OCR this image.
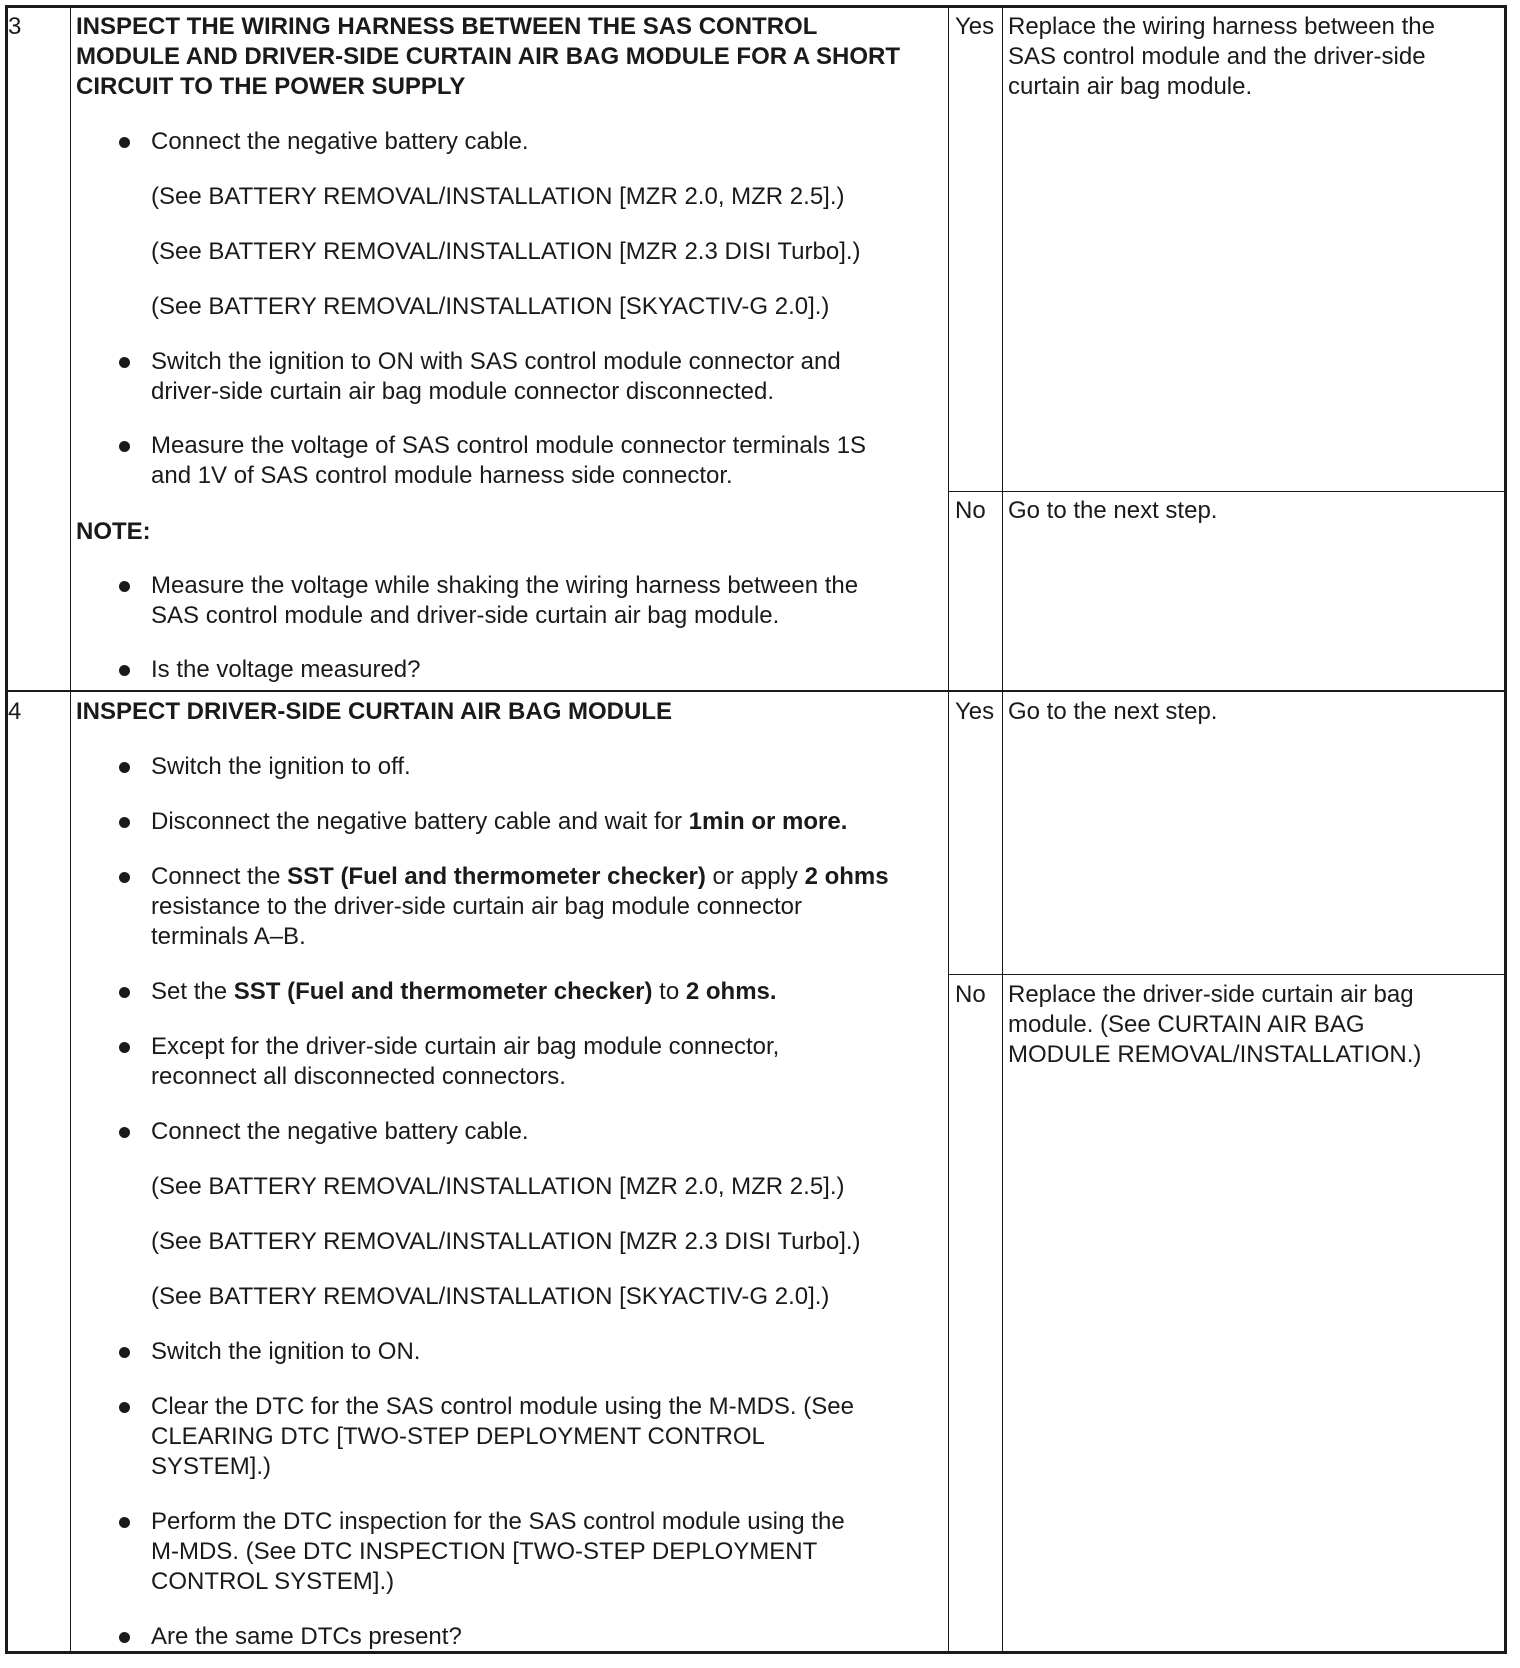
3 INSPECT THE WIRING HARNESS BETWEEN THE SAS CONTROL

MODULE AND DRIVER-SIDE CURTAIN AIR BAG MODULE FOR A SHORT

CIRCUIT TO THE POWER SUPPLY

Connect the negative battery cable.

(See BATTERY REMOVAL/INSTALLATION [MZR 2.0, MZR 2.5].)

(See BATTERY REMOVAL/INSTALLATION [MZR 2.3 DISI Turbo].)

(See BATTERY REMOVAL/INSTALLATION [SKYACTIV-G 2.0].)

Switch the ignition to ON with SAS control module connector and

driver-side curtain air bag module connector disconnected.

Measure the voltage of SAS control module connector terminals 1S

and 1V of SAS control module harness side connector.

NOTE:

Measure the voltage while shaking the wiring harness between the

SAS control module and driver-side curtain air bag module.

Is the voltage measured?

Yes Replace the wiring harness between the

SAS control module and the driver-side

curtain air bag module.

No Go to the next step.

4 INSPECT DRIVER-SIDE CURTAIN AIR BAG MODULE

Switch the ignition to off.

Disconnect the negative battery cable and wait for 1min or more.

Connect the SST (Fuel and thermometer checker) or apply 2 ohms

resistance to the driver-side curtain air bag module connector

terminals A–B.

Set the SST (Fuel and thermometer checker) to 2 ohms.

Except for the driver-side curtain air bag module connector,

reconnect all disconnected connectors.

Connect the negative battery cable.

(See BATTERY REMOVAL/INSTALLATION [MZR 2.0, MZR 2.5].)

(See BATTERY REMOVAL/INSTALLATION [MZR 2.3 DISI Turbo].)

(See BATTERY REMOVAL/INSTALLATION [SKYACTIV-G 2.0].)

Switch the ignition to ON.

Clear the DTC for the SAS control module using the M-MDS. (See

CLEARING DTC [TWO-STEP DEPLOYMENT CONTROL

SYSTEM].)

Perform the DTC inspection for the SAS control module using the

M-MDS. (See DTC INSPECTION [TWO-STEP DEPLOYMENT

CONTROL SYSTEM].)

Are the same DTCs present?

Yes Go to the next step.

No Replace the driver-side curtain air bag

module. (See CURTAIN AIR BAG

MODULE REMOVAL/INSTALLATION.)
